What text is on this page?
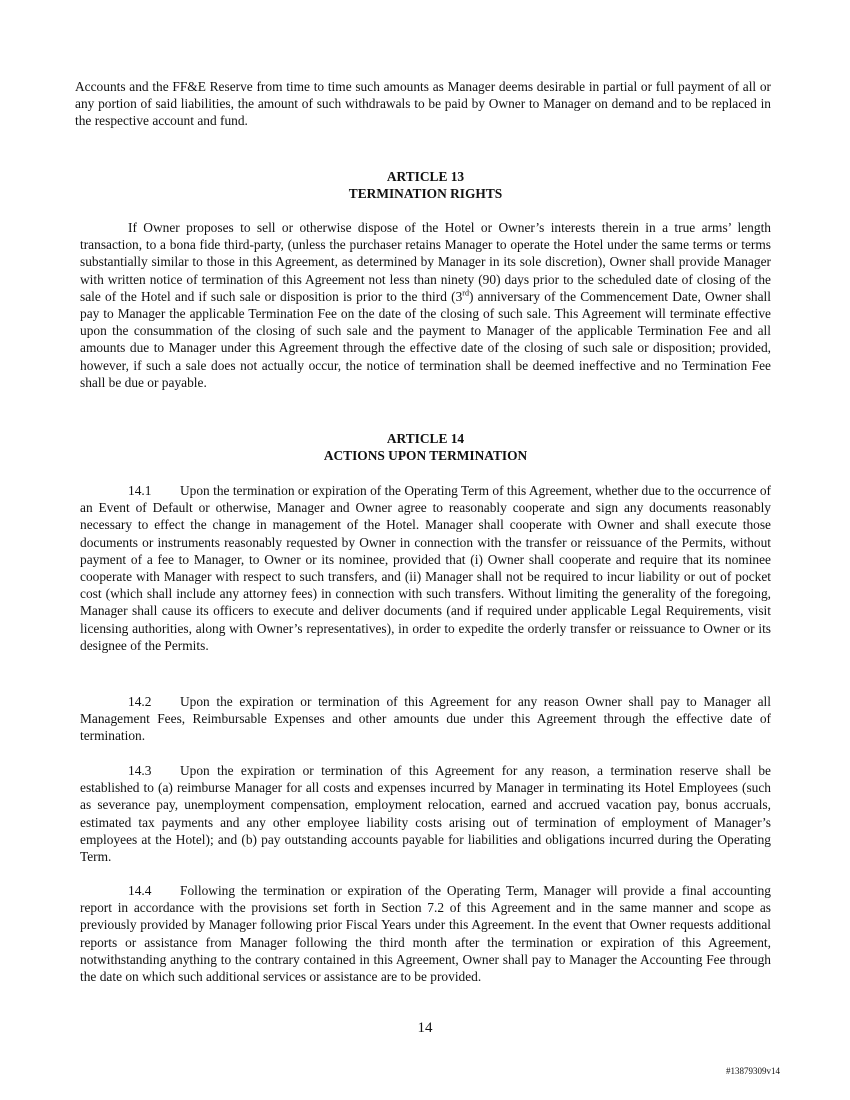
Accounts and the FF&E Reserve from time to time such amounts as Manager deems desirable in partial or full payment of all or any portion of said liabilities, the amount of such withdrawals to be paid by Owner to Manager on demand and to be replaced in the respective account and fund.

ARTICLE 13
TERMINATION RIGHTS

If Owner proposes to sell or otherwise dispose of the Hotel or Owner’s interests therein in a true arms’ length transaction, to a bona fide third-party, (unless the purchaser retains Manager to operate the Hotel under the same terms or terms substantially similar to those in this Agreement, as determined by Manager in its sole discretion), Owner shall provide Manager with written notice of termination of this Agreement not less than ninety (90) days prior to the scheduled date of closing of the sale of the Hotel and if such sale or disposition is prior to the third (3rd) anniversary of the Commencement Date, Owner shall pay to Manager the applicable Termination Fee on the date of the closing of such sale. This Agreement will terminate effective upon the consummation of the closing of such sale and the payment to Manager of the applicable Termination Fee and all amounts due to Manager under this Agreement through the effective date of the closing of such sale or disposition; provided, however, if such a sale does not actually occur, the notice of termination shall be deemed ineffective and no Termination Fee shall be due or payable.

ARTICLE 14
ACTIONS UPON TERMINATION

14.1 Upon the termination or expiration of the Operating Term of this Agreement, whether due to the occurrence of an Event of Default or otherwise, Manager and Owner agree to reasonably cooperate and sign any documents reasonably necessary to effect the change in management of the Hotel. Manager shall cooperate with Owner and shall execute those documents or instruments reasonably requested by Owner in connection with the transfer or reissuance of the Permits, without payment of a fee to Manager, to Owner or its nominee, provided that (i) Owner shall cooperate and require that its nominee cooperate with Manager with respect to such transfers, and (ii) Manager shall not be required to incur liability or out of pocket cost (which shall include any attorney fees) in connection with such transfers. Without limiting the generality of the foregoing, Manager shall cause its officers to execute and deliver documents (and if required under applicable Legal Requirements, visit licensing authorities, along with Owner’s representatives), in order to expedite the orderly transfer or reissuance to Owner or its designee of the Permits.

14.2 Upon the expiration or termination of this Agreement for any reason Owner shall pay to Manager all Management Fees, Reimbursable Expenses and other amounts due under this Agreement through the effective date of termination.

14.3 Upon the expiration or termination of this Agreement for any reason, a termination reserve shall be established to (a) reimburse Manager for all costs and expenses incurred by Manager in terminating its Hotel Employees (such as severance pay, unemployment compensation, employment relocation, earned and accrued vacation pay, bonus accruals, estimated tax payments and any other employee liability costs arising out of termination of employment of Manager’s employees at the Hotel); and (b) pay outstanding accounts payable for liabilities and obligations incurred during the Operating Term.

14.4 Following the termination or expiration of the Operating Term, Manager will provide a final accounting report in accordance with the provisions set forth in Section 7.2 of this Agreement and in the same manner and scope as previously provided by Manager following prior Fiscal Years under this Agreement. In the event that Owner requests additional reports or assistance from Manager following the third month after the termination or expiration of this Agreement, notwithstanding anything to the contrary contained in this Agreement, Owner shall pay to Manager the Accounting Fee through the date on which such additional services or assistance are to be provided.

14
#13879309v14
